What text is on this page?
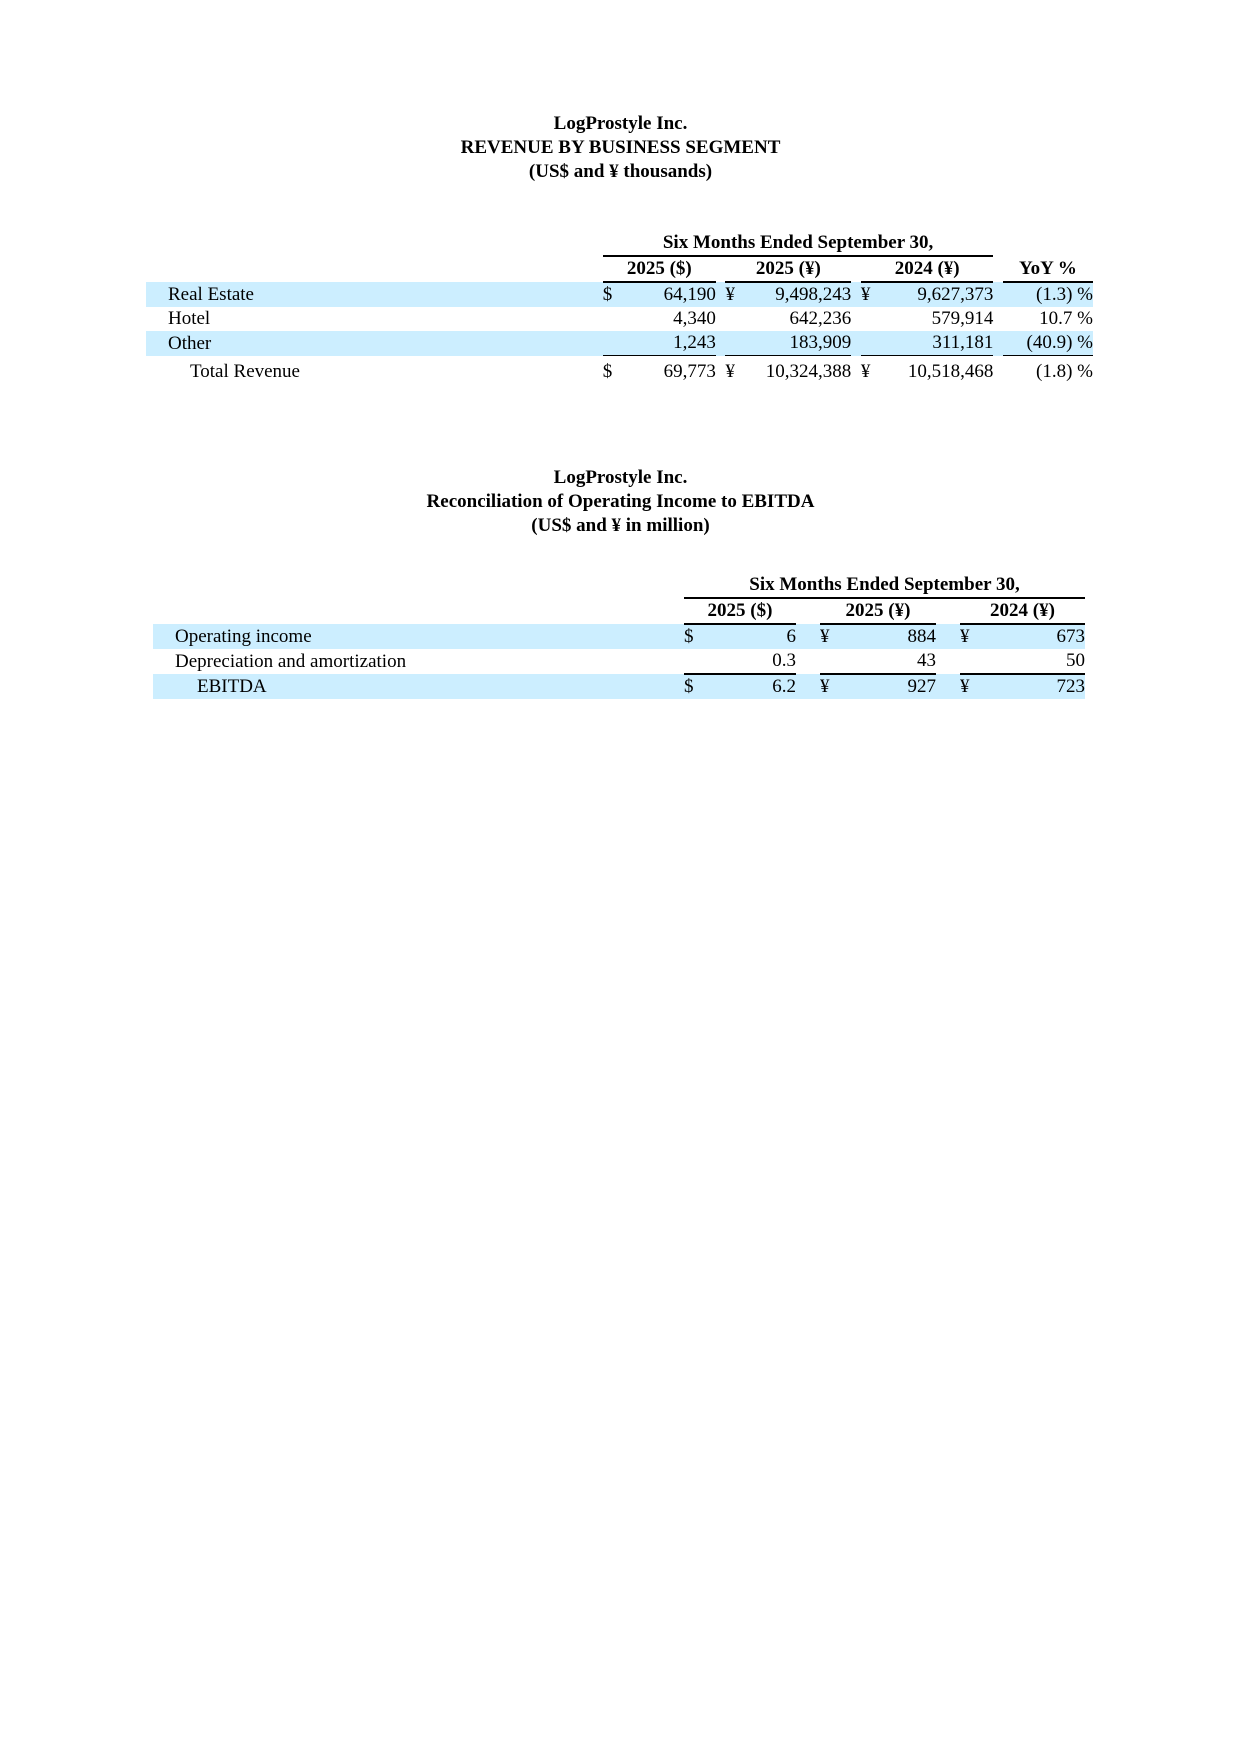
LogProstyle Inc.
REVENUE BY BUSINESS SEGMENT
(US$ and ¥ thousands)
	Six Months Ended September 30,									
	2025 ($)			2025 (¥)			2024 (¥)			YoY %
Real Estate	$	64,190		¥	9,498,243		¥	9,627,373		(1.3) %
Hotel		4,340			642,236			579,914		10.7 %
Other		1,243			183,909			311,181		(40.9) %
Total Revenue	$	69,773		¥	10,324,388		¥	10,518,468		(1.8) %
LogProstyle Inc.
Reconciliation of Operating Income to EBITDA
(US$ and ¥ in million)
	Six Months Ended September 30,							
	2025 ($)			2025 (¥)			2024 (¥)	
Operating income	$	6		¥	884		¥	673
Depreciation and amortization		0.3			43			50
EBITDA	$	6.2		¥	927		¥	723
